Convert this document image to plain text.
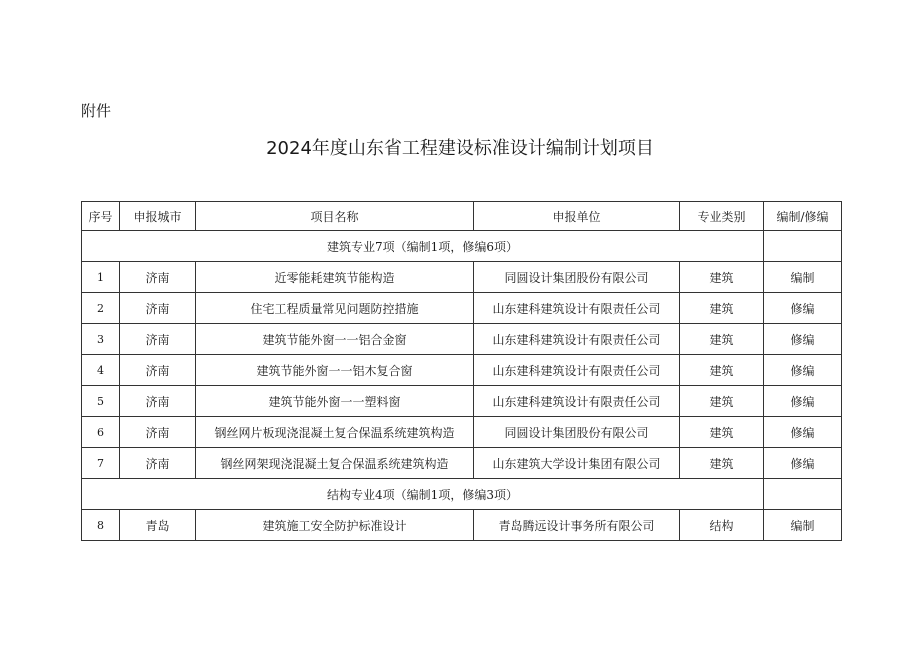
附件
2024年度山东省工程建设标准设计编制计划项目
序号	申报城市	项目名称	申报单位	专业类别	编制/修编
建筑专业7项（编制1项，修编6项）					
1	济南	近零能耗建筑节能构造	同圆设计集团股份有限公司	建筑	编制
2	济南	住宅工程质量常见问题防控措施	山东建科建筑设计有限责任公司	建筑	修编
3	济南	建筑节能外窗一一铝合金窗	山东建科建筑设计有限责任公司	建筑	修编
4	济南	建筑节能外窗一一铝木复合窗	山东建科建筑设计有限责任公司	建筑	修编
5	济南	建筑节能外窗一一塑料窗	山东建科建筑设计有限责任公司	建筑	修编
6	济南	钢丝网片板现浇混凝土复合保温系统建筑构造	同圆设计集团股份有限公司	建筑	修编
7	济南	钢丝网架现浇混凝土复合保温系统建筑构造	山东建筑大学设计集团有限公司	建筑	修编
结构专业4项（编制1项，修编3项）					
8	青岛	建筑施工安全防护标准设计	青岛腾远设计事务所有限公司	结构	编制
